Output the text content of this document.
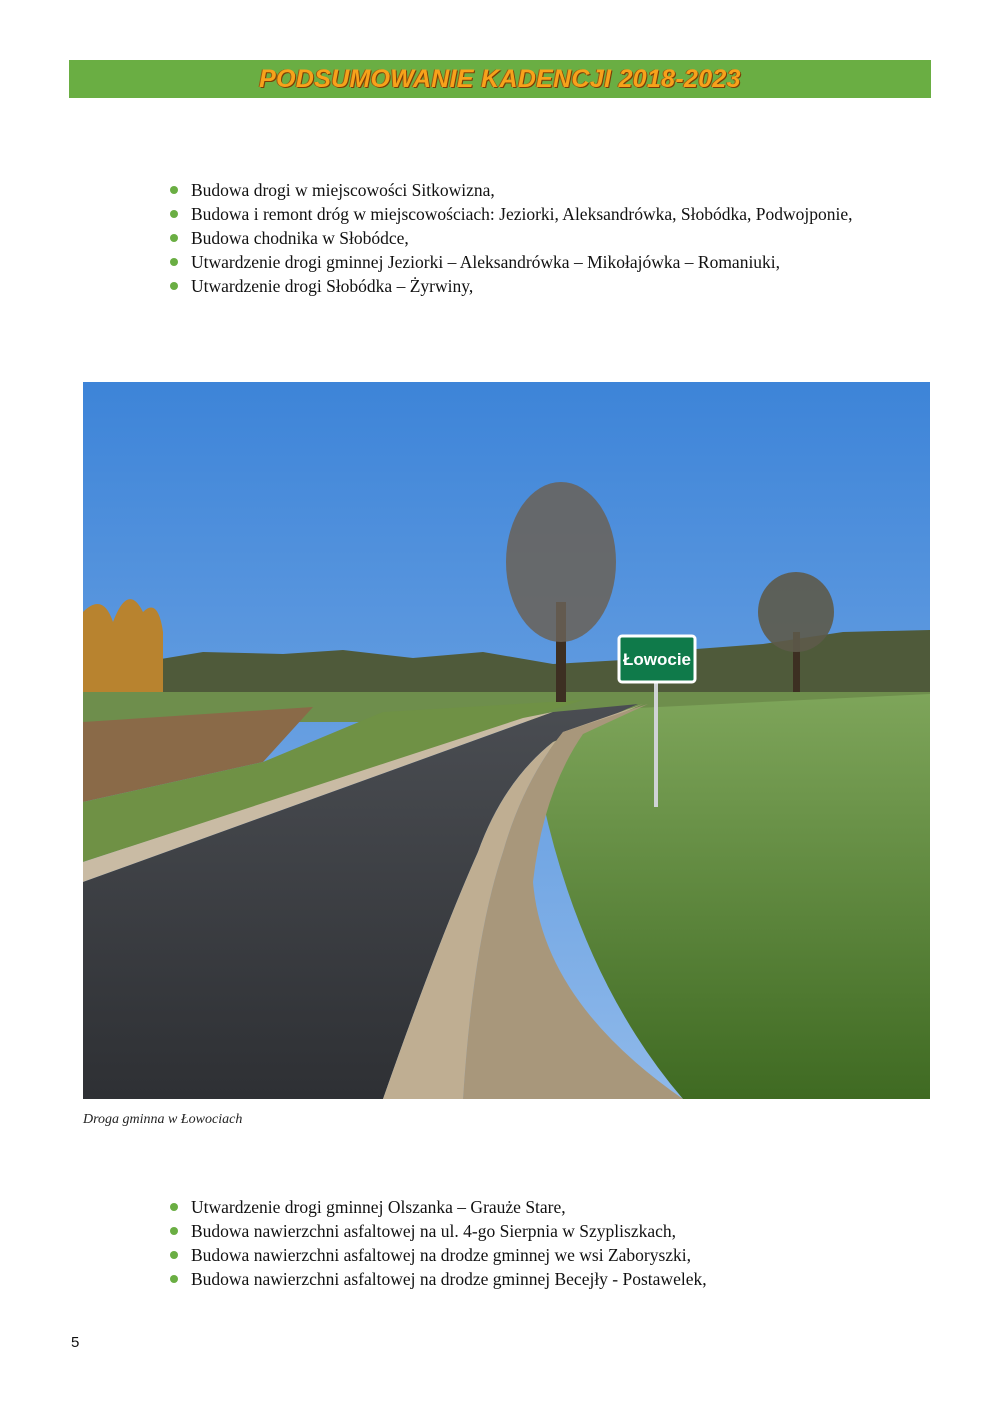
PODSUMOWANIE KADENCJI 2018-2023
Budowa drogi w miejscowości Sitkowizna,
Budowa i remont dróg w miejscowościach: Jeziorki, Aleksandrówka, Słobódka, Podwojponie,
Budowa chodnika w Słobódce,
Utwardzenie drogi gminnej Jeziorki – Aleksandrówka – Mikołajówka – Romaniuki,
Utwardzenie drogi Słobódka – Żyrwiny,
Łowocie
Droga gminna w Łowociach
Utwardzenie drogi gminnej Olszanka – Graużе Stare,
Budowa nawierzchni asfaltowej na ul. 4-go Sierpnia w Szypliszkach,
Budowa nawierzchni asfaltowej na drodze gminnej we wsi Zaboryszki,
Budowa nawierzchni asfaltowej na drodze gminnej Becejły - Postawelek,
5
